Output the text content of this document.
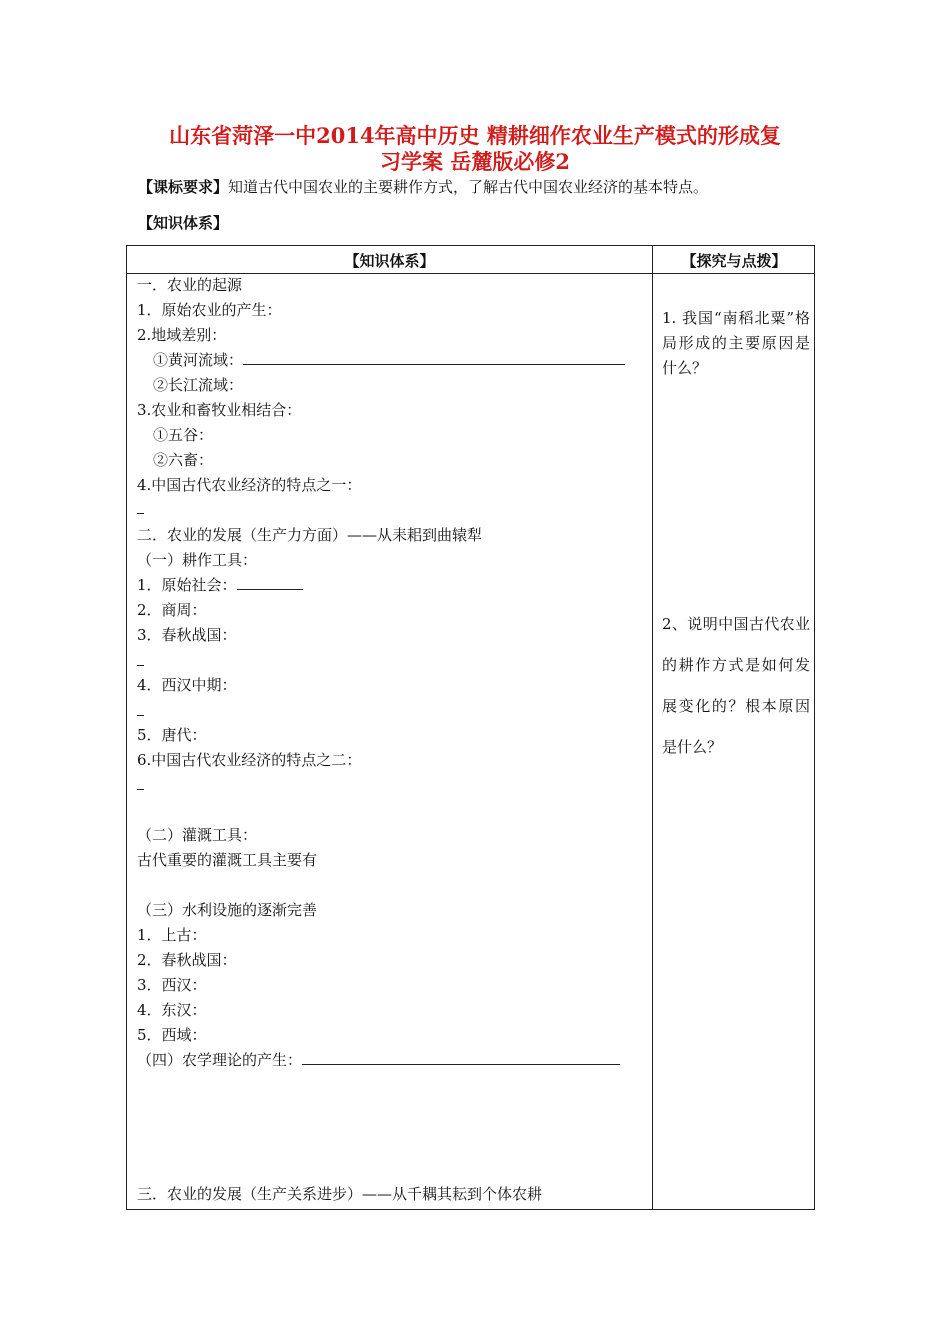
山东省菏泽一中2014年高中历史 精耕细作农业生产模式的形成复
习学案 岳麓版必修2
【课标要求】知道古代中国农业的主要耕作方式，了解古代中国农业经济的基本特点。
【知识体系】
【知识体系】	【探究与点拨】
一．农业的起源
1．原始农业的产生：
2.地域差别：
①黄河流域：
②长江流域：
3.农业和畜牧业相结合：
①五谷：
②六畜：
4.中国古代农业经济的特点之一：
二．农业的发展（生产力方面）——从耒耜到曲辕犁
（一）耕作工具：
1．原始社会：
2．商周：
3．春秋战国：
4．西汉中期：
5．唐代：
6.中国古代农业经济的特点之二：
（二）灌溉工具：
古代重要的灌溉工具主要有
（三）水利设施的逐渐完善
1．上古：
2．春秋战国：
3．西汉：
4．东汉：
5．西域：
（四）农学理论的产生：
三．农业的发展（生产关系进步）——从千耦其耘到个体农耕
1. 我国“南稻北粟”格局形成的主要原因是什么？
2、说明中国古代农业的耕作方式是如何发展变化的？根本原因是什么？
